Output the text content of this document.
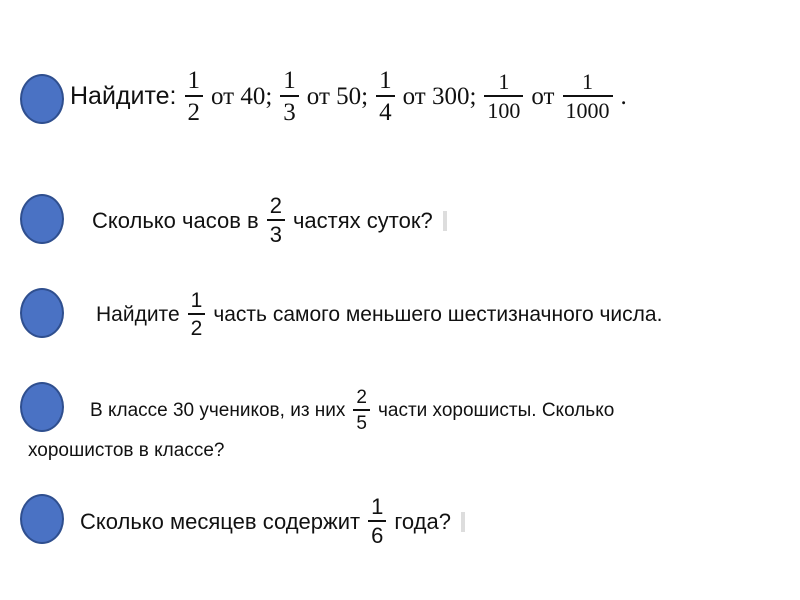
Найдите: $\frac{1}{2}$ от 40; $\frac{1}{3}$ от 50; $\frac{1}{4}$ от 300; $\frac{1}{100}$ от $\frac{1}{1000}$ .
Сколько часов в $\frac{2}{3}$ частях суток?
Найдите $\frac{1}{2}$ часть самого меньшего шестизначного числа.
В классе 30 учеников, из них $\frac{2}{5}$ части хорошисты. Сколько
хорошистов в классе?
Сколько месяцев содержит $\frac{1}{6}$ года?
